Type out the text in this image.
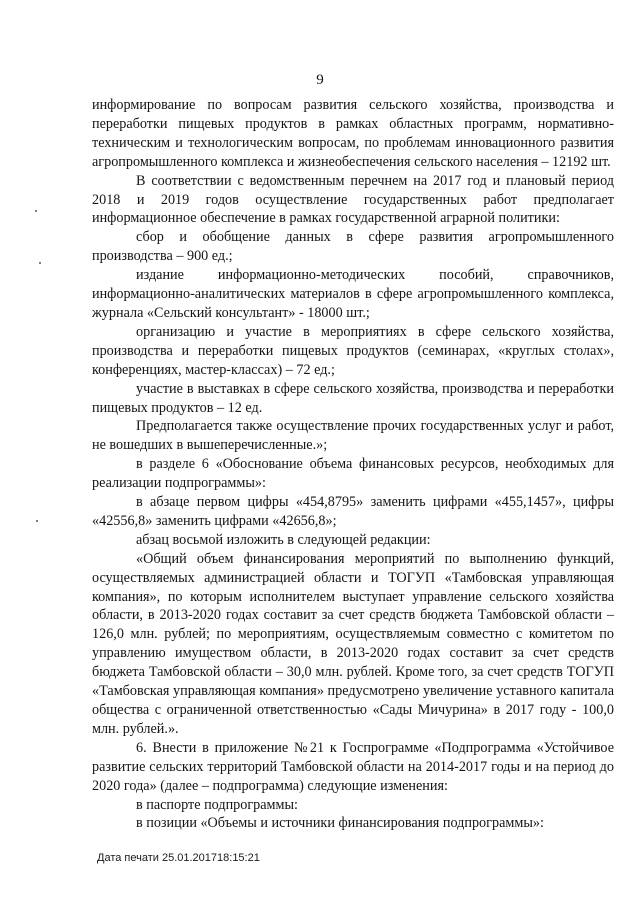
9

информирование по вопросам развития сельского хозяйства, производства и переработки пищевых продуктов в рамках областных программ, нормативно-техническим и технологическим вопросам, по проблемам инновационного развития агропромышленного комплекса и жизнеобеспечения сельского населения – 12192 шт.

В соответствии с ведомственным перечнем на 2017 год и плановый период 2018 и 2019 годов осуществление государственных работ предполагает информационное обеспечение в рамках государственной аграрной политики:

сбор и обобщение данных в сфере развития агропромышленного производства – 900 ед.;

издание информационно-методических пособий, справочников, информационно-аналитических материалов в сфере агропромышленного комплекса, журнала «Сельский консультант» - 18000 шт.;

организацию и участие в мероприятиях в сфере сельского хозяйства, производства и переработки пищевых продуктов (семинарах, «круглых столах», конференциях, мастер-классах) – 72 ед.;

участие в выставках в сфере сельского хозяйства, производства и переработки пищевых продуктов – 12 ед.

Предполагается также осуществление прочих государственных услуг и работ, не вошедших в вышеперечисленные.»;

в разделе 6 «Обоснование объема финансовых ресурсов, необходимых для реализации подпрограммы»:

в абзаце первом цифры «454,8795» заменить цифрами «455,1457», цифры «42556,8» заменить цифрами «42656,8»;

абзац восьмой изложить в следующей редакции:

«Общий объем финансирования мероприятий по выполнению функций, осуществляемых администрацией области и ТОГУП «Тамбовская управляющая компания», по которым исполнителем выступает управление сельского хозяйства области, в 2013-2020 годах составит за счет средств бюджета Тамбовской области –126,0 млн. рублей; по мероприятиям, осуществляемым совместно с комитетом по управлению имуществом области, в 2013-2020 годах составит за счет средств бюджета Тамбовской области – 30,0 млн. рублей. Кроме того, за счет средств ТОГУП «Тамбовская управляющая компания» предусмотрено увеличение уставного капитала общества с ограниченной ответственностью «Сады Мичурина» в 2017 году - 100,0 млн. рублей.».

6. Внести в приложение №21 к Госпрограмме «Подпрограмма «Устойчивое развитие сельских территорий Тамбовской области на 2014-2017 годы и на период до 2020 года» (далее – подпрограмма) следующие изменения:

в паспорте подпрограммы:

в позиции «Объемы и источники финансирования подпрограммы»:

Дата печати 25.01.201718:15:21
